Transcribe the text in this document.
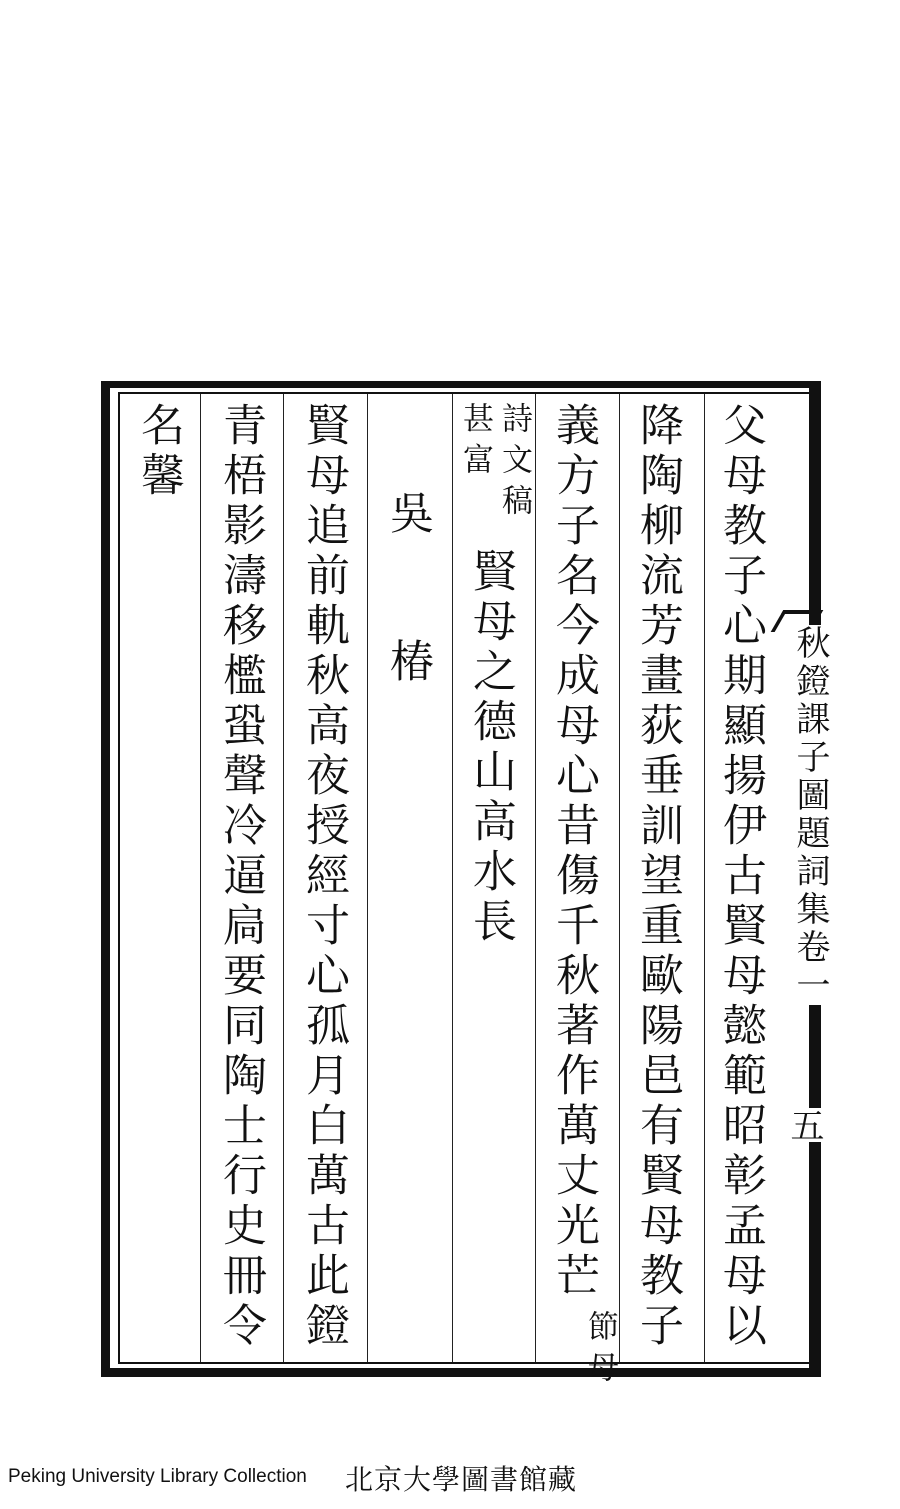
秋鐙課子圖題詞集卷一
五
父母教子心期顯揚伊古賢母懿範昭彰孟母以
降陶柳流芳畫荻垂訓望重歐陽邑有賢母教子
義方子名今成母心昔傷千秋著作萬丈光芒
節母
詩文稿
甚富
賢母之德山高水長
吳　椿
賢母追前軌秋高夜授經寸心孤月白萬古此鐙
青梧影濤移檻蛩聲冷逼扃要同陶士行史冊令
名馨
Peking University Library Collection 北京大學圖書館藏
